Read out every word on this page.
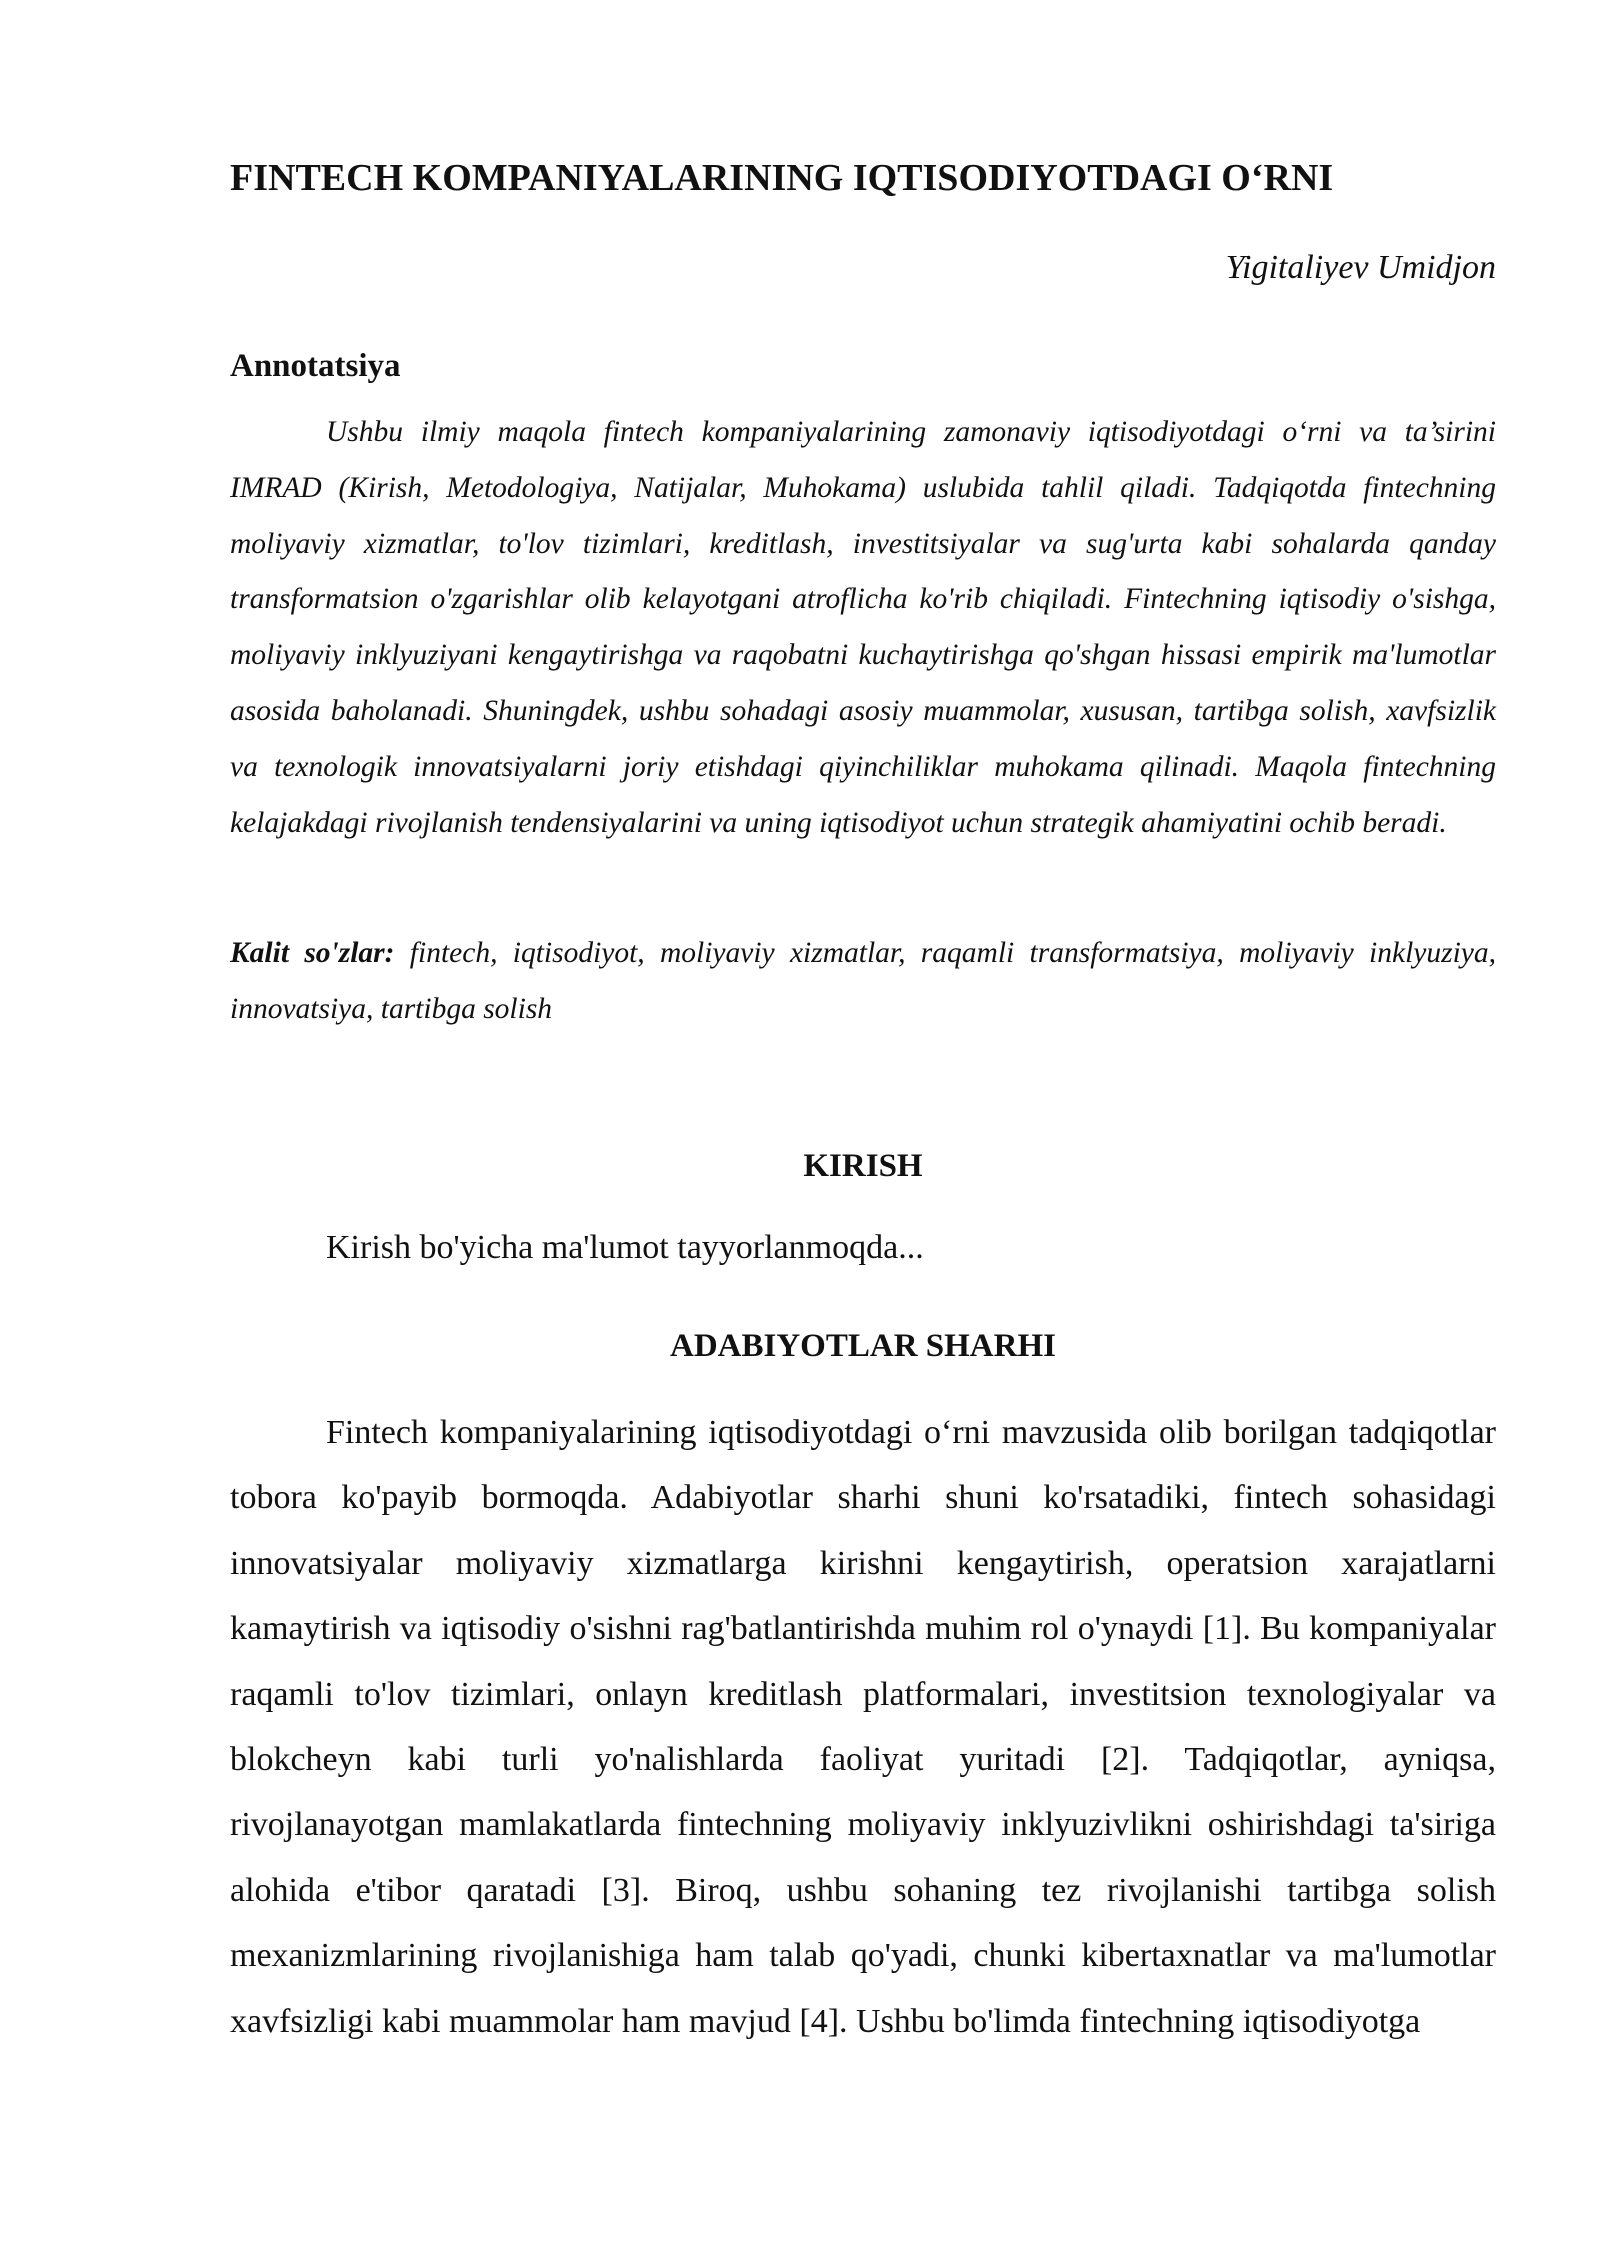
FINTECH KOMPANIYALARINING IQTISODIYOTDAGI O‘RNI
Yigitaliyev Umidjon
Annotatsiya

Ushbu ilmiy maqola fintech kompaniyalarining zamonaviy iqtisodiyotdagi o‘rni va ta’sirini IMRAD (Kirish, Metodologiya, Natijalar, Muhokama) uslubida tahlil qiladi. Tadqiqotda fintechning moliyaviy xizmatlar, to'lov tizimlari, kreditlash, investitsiyalar va sug'urta kabi sohalarda qanday transformatsion o'zgarishlar olib kelayotgani atroflicha ko'rib chiqiladi. Fintechning iqtisodiy o'sishga, moliyaviy inklyuziyani kengaytirishga va raqobatni kuchaytirishga qo'shgan hissasi empirik ma'lumotlar asosida baholanadi. Shuningdek, ushbu sohadagi asosiy muammolar, xususan, tartibga solish, xavfsizlik va texnologik innovatsiyalarni joriy etishdagi qiyinchiliklar muhokama qilinadi. Maqola fintechning kelajakdagi rivojlanish tendensiyalarini va uning iqtisodiyot uchun strategik ahamiyatini ochib beradi.

Kalit so'zlar: fintech, iqtisodiyot, moliyaviy xizmatlar, raqamli transformatsiya, moliyaviy inklyuziya, innovatsiya, tartibga solish

KIRISH

Kirish bo'yicha ma'lumot tayyorlanmoqda...

ADABIYOTLAR SHARHI

Fintech kompaniyalarining iqtisodiyotdagi o‘rni mavzusida olib borilgan tadqiqotlar tobora ko'payib bormoqda. Adabiyotlar sharhi shuni ko'rsatadiki, fintech sohasidagi innovatsiyalar moliyaviy xizmatlarga kirishni kengaytirish, operatsion xarajatlarni kamaytirish va iqtisodiy o'sishni rag'batlantirishda muhim rol o'ynaydi [1]. Bu kompaniyalar raqamli to'lov tizimlari, onlayn kreditlash platformalari, investitsion texnologiyalar va blokcheyn kabi turli yo'nalishlarda faoliyat yuritadi [2]. Tadqiqotlar, ayniqsa, rivojlanayotgan mamlakatlarda fintechning moliyaviy inklyuzivlikni oshirishdagi ta'siriga alohida e'tibor qaratadi [3]. Biroq, ushbu sohaning tez rivojlanishi tartibga solish mexanizmlarining rivojlanishiga ham talab qo'yadi, chunki kibertaxnatlar va ma'lumotlar xavfsizligi kabi muammolar ham mavjud [4]. Ushbu bo'limda fintechning iqtisodiyotga
